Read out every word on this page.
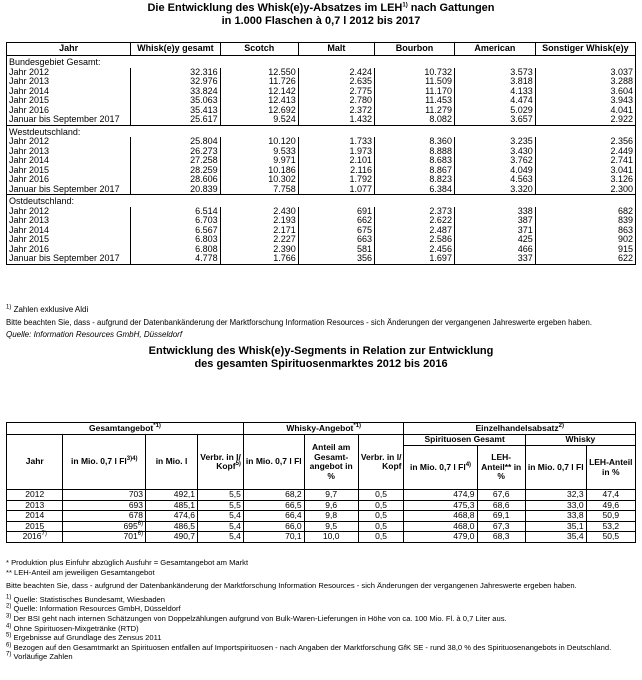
Die Entwicklung des Whisk(e)y-Absatzes im LEH$^{1)}$ nach Gattungen
in 1.000 Flaschen à 0,7 l 2012 bis 2017
Jahr	Whisk(e)y gesamt	Scotch	Malt	Bourbon	American	Sonstiger Whisk(e)y
Bundesgebiet Gesamt:						
Jahr 2012	32.316	12.550	2.424	10.732	3.573	3.037
Jahr 2013	32.976	11.726	2.635	11.509	3.818	3.288
Jahr 2014	33.824	12.142	2.775	11.170	4.133	3.604
Jahr 2015	35.063	12.413	2.780	11.453	4.474	3.943
Jahr 2016	35.413	12.692	2.372	11.279	5.029	4.041
Januar bis September 2017	25.617	9.524	1.432	8.082	3.657	2.922
Westdeutschland:						
Jahr 2012	25.804	10.120	1.733	8.360	3.235	2.356
Jahr 2013	26.273	9.533	1.973	8.888	3.430	2.449
Jahr 2014	27.258	9.971	2.101	8.683	3.762	2.741
Jahr 2015	28.259	10.186	2.116	8.867	4.049	3.041
Jahr 2016	28.606	10.302	1.792	8.823	4.563	3.126
Januar bis September 2017	20.839	7.758	1.077	6.384	3.320	2.300
Ostdeutschland:						
Jahr 2012	6.514	2.430	691	2.373	338	682
Jahr 2013	6.703	2.193	662	2.622	387	839
Jahr 2014	6.567	2.171	675	2.487	371	863
Jahr 2015	6.803	2.227	663	2.586	425	902
Jahr 2016	6.808	2.390	581	2.456	466	915
Januar bis September 2017	4.778	1.766	356	1.697	337	622
$^{1)}$ Zahlen exklusive Aldi
Bitte beachten Sie, dass - aufgrund der Datenbankänderung der Marktforschung Information Resources - sich Änderungen der vergangenen Jahreswerte ergeben haben.
Quelle: Information Resources GmbH, Düsseldorf
Entwicklung des Whisk(e)y-Segments in Relation zur Entwicklung
des gesamten Spirituosenmarktes 2012 bis 2016
Gesamtangebot$^{*1)}$				Whisky-Angebot$^{*1)}$			Einzelhandelsabsatz$^{2)}$
Jahr	in Mio. 0,7 l $Fl^{3)4)}$	in Mio. l	Verbr. in l/ Kopf$^{5)}$	in Mio. 0,7 l Fl	Anteil am Gesamt-angebot in %	Verbr. in l/ Kopf	Spirituosen Gesamt		Whisky	
							in Mio. 0,7 l Fl$^{4)}$	LEH-Anteil** in %	in Mio. 0,7 l Fl	LEH-Anteil in %
2012	703	492,1	5,5	68,2	9,7	0,5	474,9	67,6	32,3	47,4
2013	693	485,1	5,5	66,5	9,6	0,5	475,3	68,6	33,0	49,6
2014	678	474,6	5,4	66,4	9,8	0,5	468,8	69,1	33,8	50,9
2015	695$^{6)}$	486,5	5,4	66,0	9,5	0,5	468,0	67,3	35,1	53,2
2016$^{7)}$	701$^{6)}$	490,7	5,4	70,1	10,0	0,5	479,0	68,3	35,4	50,5
* Produktion plus Einfuhr abzüglich Ausfuhr = Gesamtangebot am Markt
** LEH-Anteil am jeweiligen Gesamtangebot
Bitte beachten Sie, dass - aufgrund der Datenbankänderung der Marktforschung Information Resources - sich Änderungen der vergangenen Jahreswerte ergeben haben.
$^{1)}$ Quelle: Statistisches Bundesamt, Wiesbaden
$^{2)}$ Quelle: Information Resources GmbH, Düsseldorf
$^{3)}$ Der BSI geht nach internen Schätzungen von Doppelzählungen aufgrund von Bulk-Waren-Lieferungen in Höhe von ca. 100 Mio. Fl. à 0,7 Liter aus.
$^{4)}$ Ohne Spirituosen-Mixgetränke (RTD)
$^{5)}$ Ergebnisse auf Grundlage des Zensus 2011
$^{6)}$ Bezogen auf den Gesamtmarkt an Spirituosen entfallen auf Importspirituosen - nach Angaben der Marktforschung GfK SE - rund 38,0 % des Spirituosenangebots in Deutschland.
$^{7)}$ Vorläufige Zahlen
